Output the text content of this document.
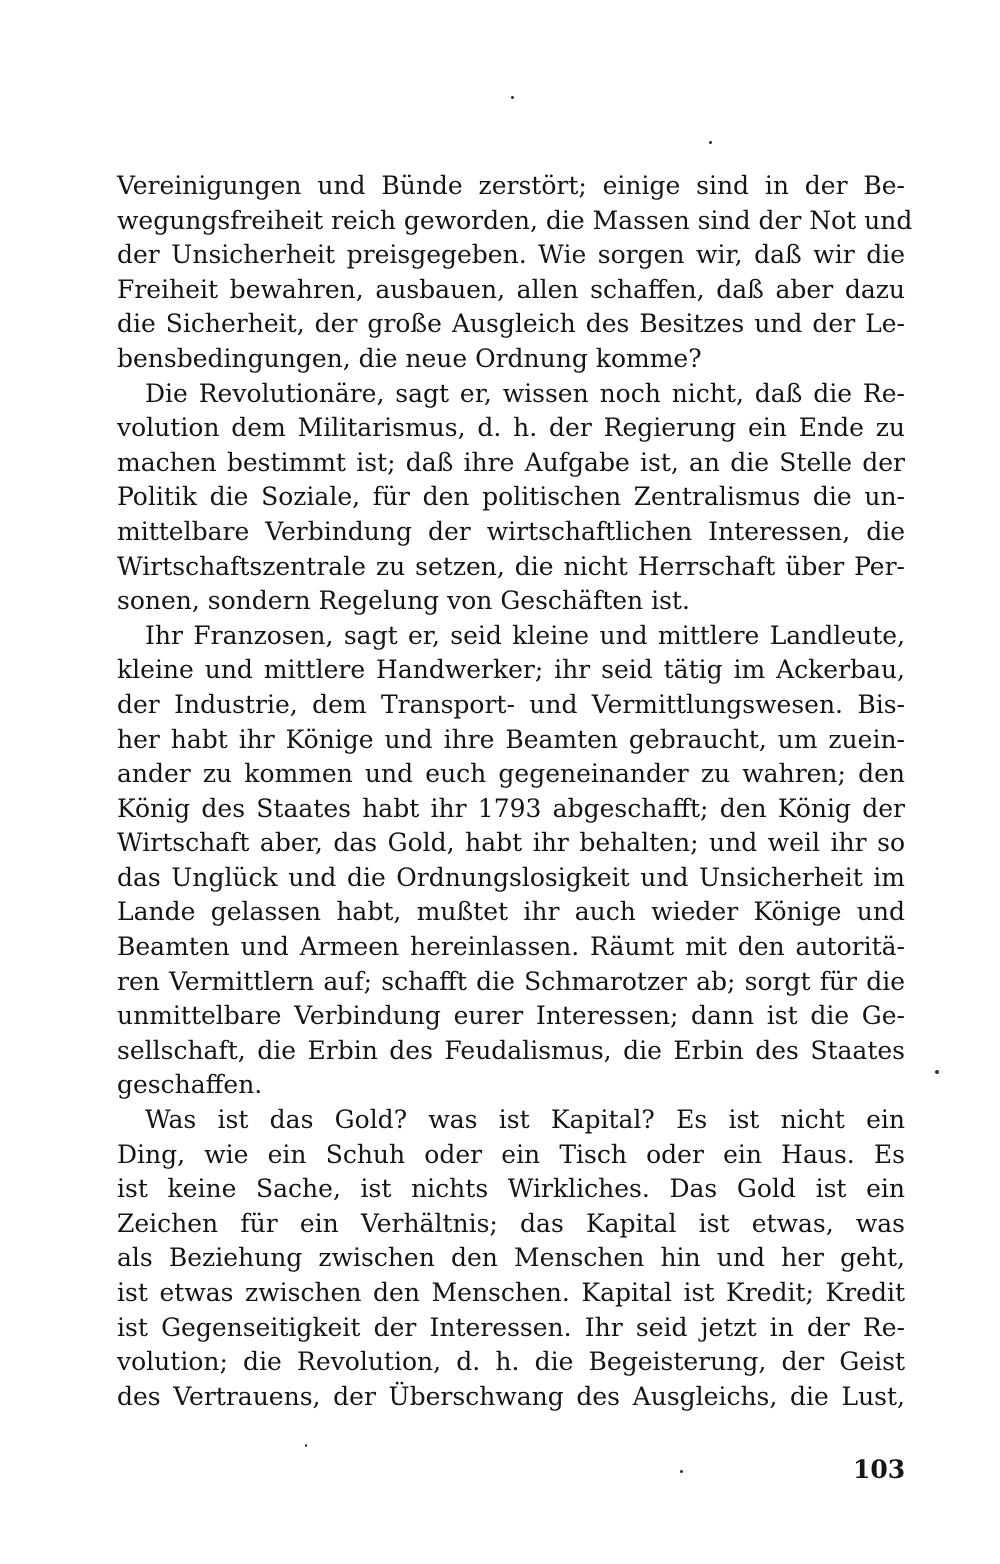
Vereinigungen und Bünde zerstört; einige sind in der Be-
wegungsfreiheit reich geworden, die Massen sind der Not und
der Unsicherheit preisgegeben. Wie sorgen wir, daß wir die
Freiheit bewahren, ausbauen, allen schaffen, daß aber dazu
die Sicherheit, der große Ausgleich des Besitzes und der Le-
bensbedingungen, die neue Ordnung komme?
Die Revolutionäre, sagt er, wissen noch nicht, daß die Re-
volution dem Militarismus, d. h. der Regierung ein Ende zu
machen bestimmt ist; daß ihre Aufgabe ist, an die Stelle der
Politik die Soziale, für den politischen Zentralismus die un-
mittelbare Verbindung der wirtschaftlichen Interessen, die
Wirtschaftszentrale zu setzen, die nicht Herrschaft über Per-
sonen, sondern Regelung von Geschäften ist.
Ihr Franzosen, sagt er, seid kleine und mittlere Landleute,
kleine und mittlere Handwerker; ihr seid tätig im Ackerbau,
der Industrie, dem Transport- und Vermittlungswesen. Bis-
her habt ihr Könige und ihre Beamten gebraucht, um zuein-
ander zu kommen und euch gegeneinander zu wahren; den
König des Staates habt ihr 1793 abgeschafft; den König der
Wirtschaft aber, das Gold, habt ihr behalten; und weil ihr so
das Unglück und die Ordnungslosigkeit und Unsicherheit im
Lande gelassen habt, mußtet ihr auch wieder Könige und
Beamten und Armeen hereinlassen. Räumt mit den autoritä-
ren Vermittlern auf; schafft die Schmarotzer ab; sorgt für die
unmittelbare Verbindung eurer Interessen; dann ist die Ge-
sellschaft, die Erbin des Feudalismus, die Erbin des Staates
geschaffen.
Was ist das Gold? was ist Kapital? Es ist nicht ein
Ding, wie ein Schuh oder ein Tisch oder ein Haus. Es
ist keine Sache, ist nichts Wirkliches. Das Gold ist ein
Zeichen für ein Verhältnis; das Kapital ist etwas, was
als Beziehung zwischen den Menschen hin und her geht,
ist etwas zwischen den Menschen. Kapital ist Kredit; Kredit
ist Gegenseitigkeit der Interessen. Ihr seid jetzt in der Re-
volution; die Revolution, d. h. die Begeisterung, der Geist
des Vertrauens, der Überschwang des Ausgleichs, die Lust,
103
